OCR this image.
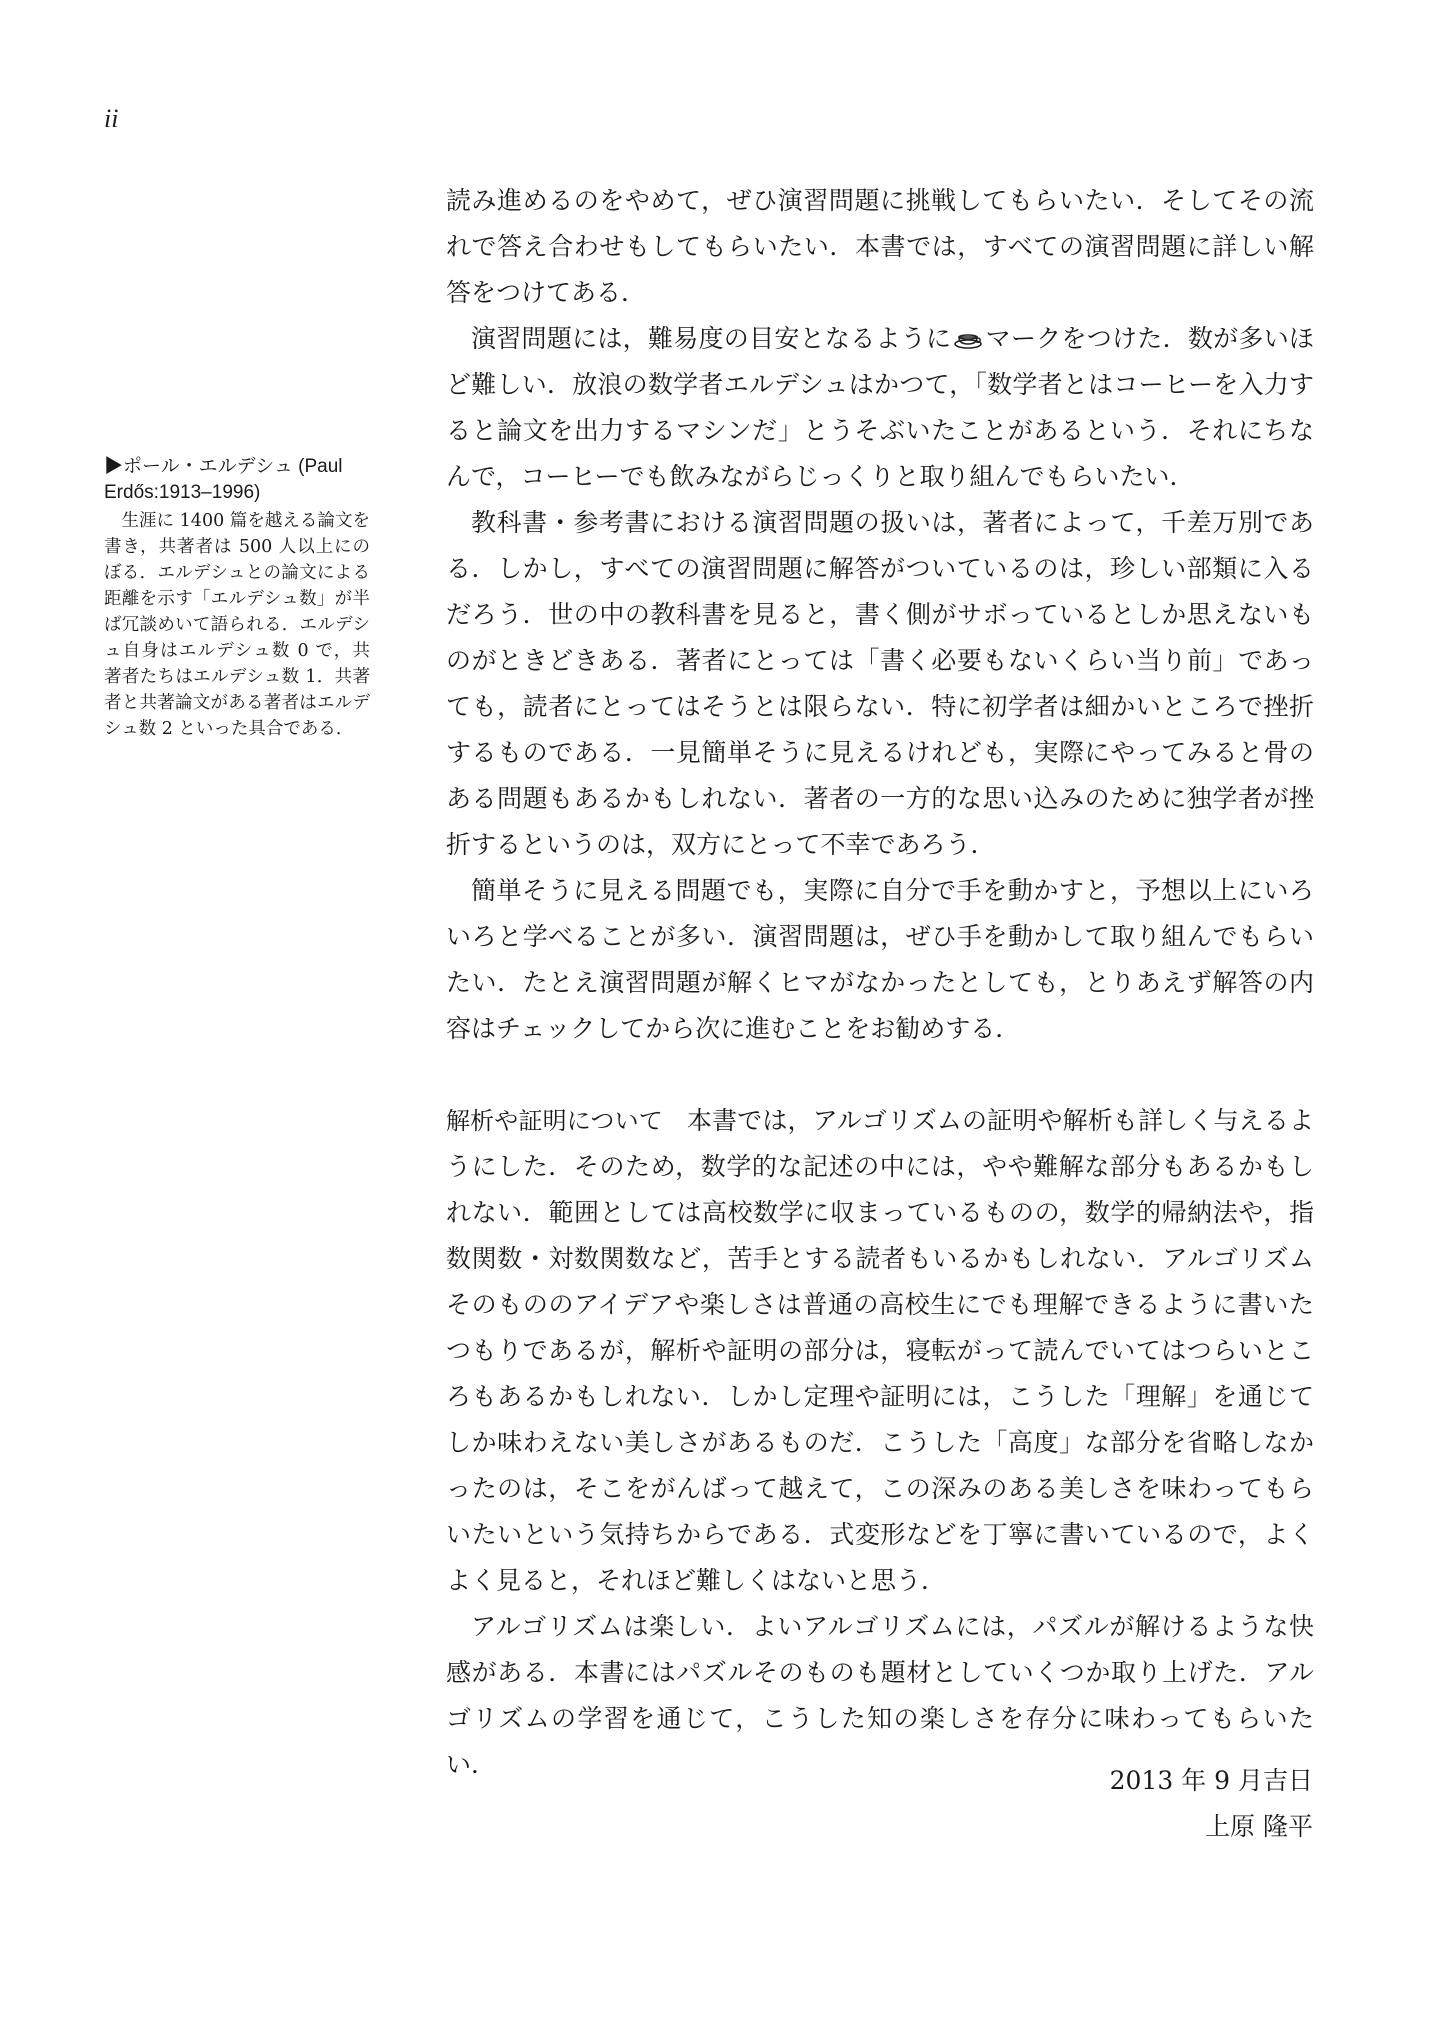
ii
▶ポール・エルデシュ (Paul Erdős:1913–1996)
生涯に 1400 篇を越える論文を書き，共著者は 500 人以上にのぼる．エルデシュとの論文による距離を示す「エルデシュ数」が半ば冗談めいて語られる．エルデシュ自身はエルデシュ数 0 で，共著者たちはエルデシュ数 1．共著者と共著論文がある著者はエルデシュ数 2 といった具合である．

読み進めるのをやめて，ぜひ演習問題に挑戦してもらいたい．そしてその流れで答え合わせもしてもらいたい．本書では，すべての演習問題に詳しい解答をつけてある．

演習問題には，難易度の目安となるように マークをつけた．数が多いほど難しい．放浪の数学者エルデシュはかつて，「数学者とはコーヒーを入力すると論文を出力するマシンだ」とうそぶいたことがあるという．それにちなんで，コーヒーでも飲みながらじっくりと取り組んでもらいたい．

教科書・参考書における演習問題の扱いは，著者によって，千差万別である．しかし，すべての演習問題に解答がついているのは，珍しい部類に入るだろう．世の中の教科書を見ると，書く側がサボっているとしか思えないものがときどきある．著者にとっては「書く必要もないくらい当り前」であっても，読者にとってはそうとは限らない．特に初学者は細かいところで挫折するものである．一見簡単そうに見えるけれども，実際にやってみると骨のある問題もあるかもしれない．著者の一方的な思い込みのために独学者が挫折するというのは，双方にとって不幸であろう．

簡単そうに見える問題でも，実際に自分で手を動かすと，予想以上にいろいろと学べることが多い．演習問題は，ぜひ手を動かして取り組んでもらいたい．たとえ演習問題が解くヒマがなかったとしても，とりあえず解答の内容はチェックしてから次に進むことをお勧めする．

解析や証明について 本書では，アルゴリズムの証明や解析も詳しく与えるようにした．そのため，数学的な記述の中には，やや難解な部分もあるかもしれない．範囲としては高校数学に収まっているものの，数学的帰納法や，指数関数・対数関数など，苦手とする読者もいるかもしれない．アルゴリズムそのもののアイデアや楽しさは普通の高校生にでも理解できるように書いたつもりであるが，解析や証明の部分は，寝転がって読んでいてはつらいところもあるかもしれない．しかし定理や証明には，こうした「理解」を通じてしか味わえない美しさがあるものだ．こうした「高度」な部分を省略しなかったのは，そこをがんばって越えて，この深みのある美しさを味わってもらいたいという気持ちからである．式変形などを丁寧に書いているので，よくよく見ると，それほど難しくはないと思う．

アルゴリズムは楽しい．よいアルゴリズムには，パズルが解けるような快感がある．本書にはパズルそのものも題材としていくつか取り上げた．アルゴリズムの学習を通じて，こうした知の楽しさを存分に味わってもらいたい．

2013 年 9 月吉日
上原 隆平
